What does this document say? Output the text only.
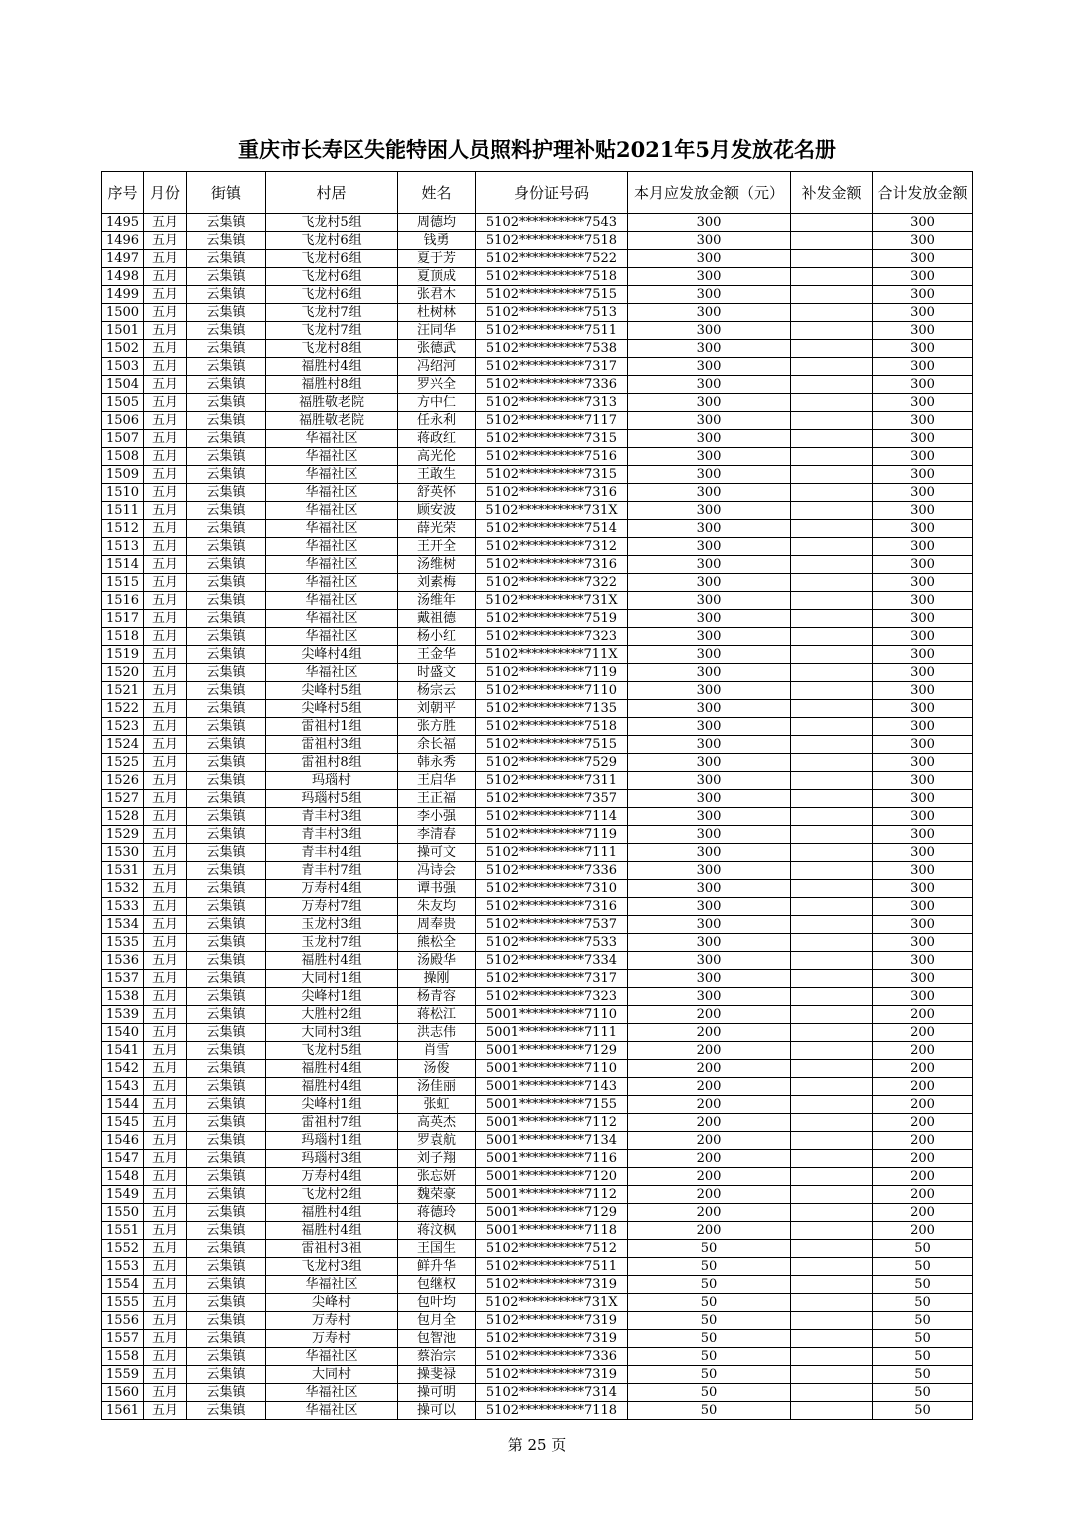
重庆市长寿区失能特困人员照料护理补贴2021年5月发放花名册
序号	月份	街镇	村居	姓名	身份证号码	本月应发放金额（元）	补发金额	合计发放金额
1495	五月	云集镇	飞龙村5组	周德均	5102**********7543	300		300
1496	五月	云集镇	飞龙村6组	钱勇	5102**********7518	300		300
1497	五月	云集镇	飞龙村6组	夏于芳	5102**********7522	300		300
1498	五月	云集镇	飞龙村6组	夏顶成	5102**********7518	300		300
1499	五月	云集镇	飞龙村6组	张君木	5102**********7515	300		300
1500	五月	云集镇	飞龙村7组	杜树林	5102**********7513	300		300
1501	五月	云集镇	飞龙村7组	汪同华	5102**********7511	300		300
1502	五月	云集镇	飞龙村8组	张德武	5102**********7538	300		300
1503	五月	云集镇	福胜村4组	冯绍河	5102**********7317	300		300
1504	五月	云集镇	福胜村8组	罗兴全	5102**********7336	300		300
1505	五月	云集镇	福胜敬老院	方中仁	5102**********7313	300		300
1506	五月	云集镇	福胜敬老院	任永利	5102**********7117	300		300
1507	五月	云集镇	华福社区	蒋政红	5102**********7315	300		300
1508	五月	云集镇	华福社区	高光伦	5102**********7516	300		300
1509	五月	云集镇	华福社区	王敢生	5102**********7315	300		300
1510	五月	云集镇	华福社区	舒英怀	5102**********7316	300		300
1511	五月	云集镇	华福社区	顾安波	5102**********731X	300		300
1512	五月	云集镇	华福社区	薛光荣	5102**********7514	300		300
1513	五月	云集镇	华福社区	王开全	5102**********7312	300		300
1514	五月	云集镇	华福社区	汤维树	5102**********7316	300		300
1515	五月	云集镇	华福社区	刘素梅	5102**********7322	300		300
1516	五月	云集镇	华福社区	汤维年	5102**********731X	300		300
1517	五月	云集镇	华福社区	戴祖德	5102**********7519	300		300
1518	五月	云集镇	华福社区	杨小红	5102**********7323	300		300
1519	五月	云集镇	尖峰村4组	王金华	5102**********711X	300		300
1520	五月	云集镇	华福社区	时盛文	5102**********7119	300		300
1521	五月	云集镇	尖峰村5组	杨宗云	5102**********7110	300		300
1522	五月	云集镇	尖峰村5组	刘朝平	5102**********7135	300		300
1523	五月	云集镇	雷祖村1组	张方胜	5102**********7518	300		300
1524	五月	云集镇	雷祖村3组	余长福	5102**********7515	300		300
1525	五月	云集镇	雷祖村8组	韩永秀	5102**********7529	300		300
1526	五月	云集镇	玛瑙村	王启华	5102**********7311	300		300
1527	五月	云集镇	玛瑙村5组	王正福	5102**********7357	300		300
1528	五月	云集镇	青丰村3组	李小强	5102**********7114	300		300
1529	五月	云集镇	青丰村3组	李清春	5102**********7119	300		300
1530	五月	云集镇	青丰村4组	操可文	5102**********7111	300		300
1531	五月	云集镇	青丰村7组	冯诗会	5102**********7336	300		300
1532	五月	云集镇	万寿村4组	谭书强	5102**********7310	300		300
1533	五月	云集镇	万寿村7组	朱友均	5102**********7316	300		300
1534	五月	云集镇	玉龙村3组	周奉贵	5102**********7537	300		300
1535	五月	云集镇	玉龙村7组	熊松全	5102**********7533	300		300
1536	五月	云集镇	福胜村4组	汤殿华	5102**********7334	300		300
1537	五月	云集镇	大同村1组	操刚	5102**********7317	300		300
1538	五月	云集镇	尖峰村1组	杨青容	5102**********7323	300		300
1539	五月	云集镇	大胜村2组	蒋松江	5001**********7110	200		200
1540	五月	云集镇	大同村3组	洪志伟	5001**********7111	200		200
1541	五月	云集镇	飞龙村5组	肖雪	5001**********7129	200		200
1542	五月	云集镇	福胜村4组	汤俊	5001**********7110	200		200
1543	五月	云集镇	福胜村4组	汤佳丽	5001**********7143	200		200
1544	五月	云集镇	尖峰村1组	张虹	5001**********7155	200		200
1545	五月	云集镇	雷祖村7组	高英杰	5001**********7112	200		200
1546	五月	云集镇	玛瑙村1组	罗袁航	5001**********7134	200		200
1547	五月	云集镇	玛瑙村3组	刘子翔	5001**********7116	200		200
1548	五月	云集镇	万寿村4组	张忘妍	5001**********7120	200		200
1549	五月	云集镇	飞龙村2组	魏荣豪	5001**********7112	200		200
1550	五月	云集镇	福胜村4组	蒋德玲	5001**********7129	200		200
1551	五月	云集镇	福胜村4组	蒋汶枫	5001**********7118	200		200
1552	五月	云集镇	雷祖村3祖	王国生	5102**********7512	50		50
1553	五月	云集镇	飞龙村3组	鲜升华	5102**********7511	50		50
1554	五月	云集镇	华福社区	包继权	5102**********7319	50		50
1555	五月	云集镇	尖峰村	包叶均	5102**********731X	50		50
1556	五月	云集镇	万寿村	包月全	5102**********7319	50		50
1557	五月	云集镇	万寿村	包智池	5102**********7319	50		50
1558	五月	云集镇	华福社区	蔡治宗	5102**********7336	50		50
1559	五月	云集镇	大同村	操斐禄	5102**********7319	50		50
1560	五月	云集镇	华福社区	操可明	5102**********7314	50		50
1561	五月	云集镇	华福社区	操可以	5102**********7118	50		50
第 25 页
